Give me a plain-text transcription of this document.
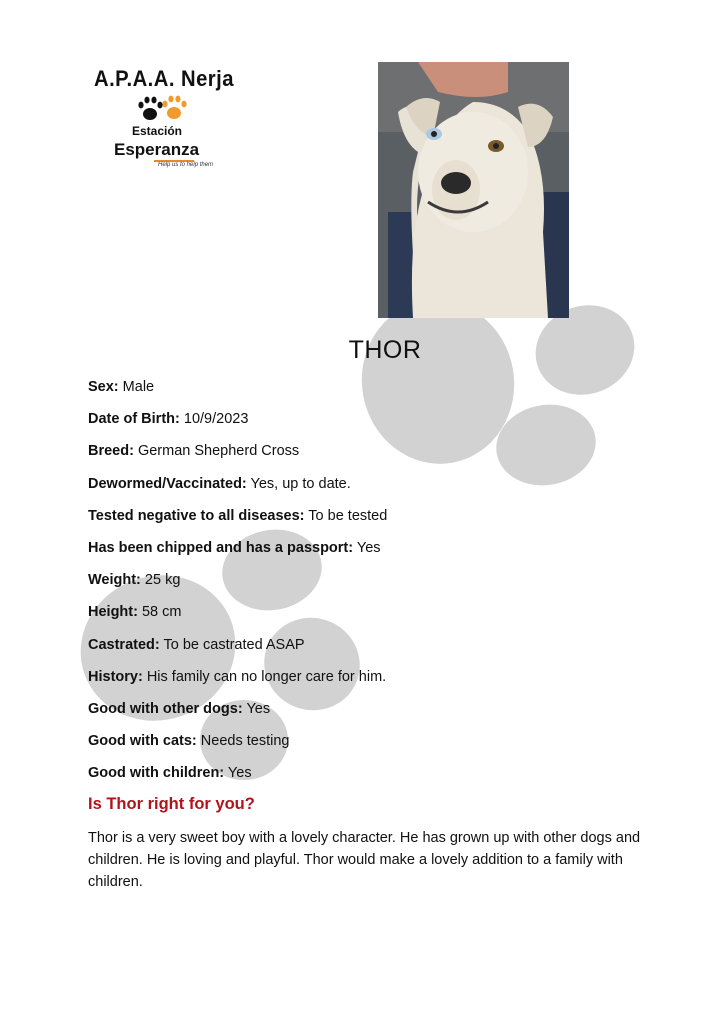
A.P.A.A. Nerja
Estación
Esperanza
Help us to help them
THOR
Sex: Male
Date of Birth: 10/9/2023
Breed: German Shepherd Cross
Dewormed/Vaccinated: Yes, up to date.
Tested negative to all diseases: To be tested
Has been chipped and has a passport: Yes
Weight: 25 kg
Height: 58 cm
Castrated: To be castrated ASAP
History: His family can no longer care for him.
Good with other dogs: Yes
Good with cats: Needs testing
Good with children: Yes
Is Thor right for you?
Thor is a very sweet boy with a lovely character. He has grown up with other dogs and children. He is loving and playful. Thor would make a lovely addition to a family with children.
